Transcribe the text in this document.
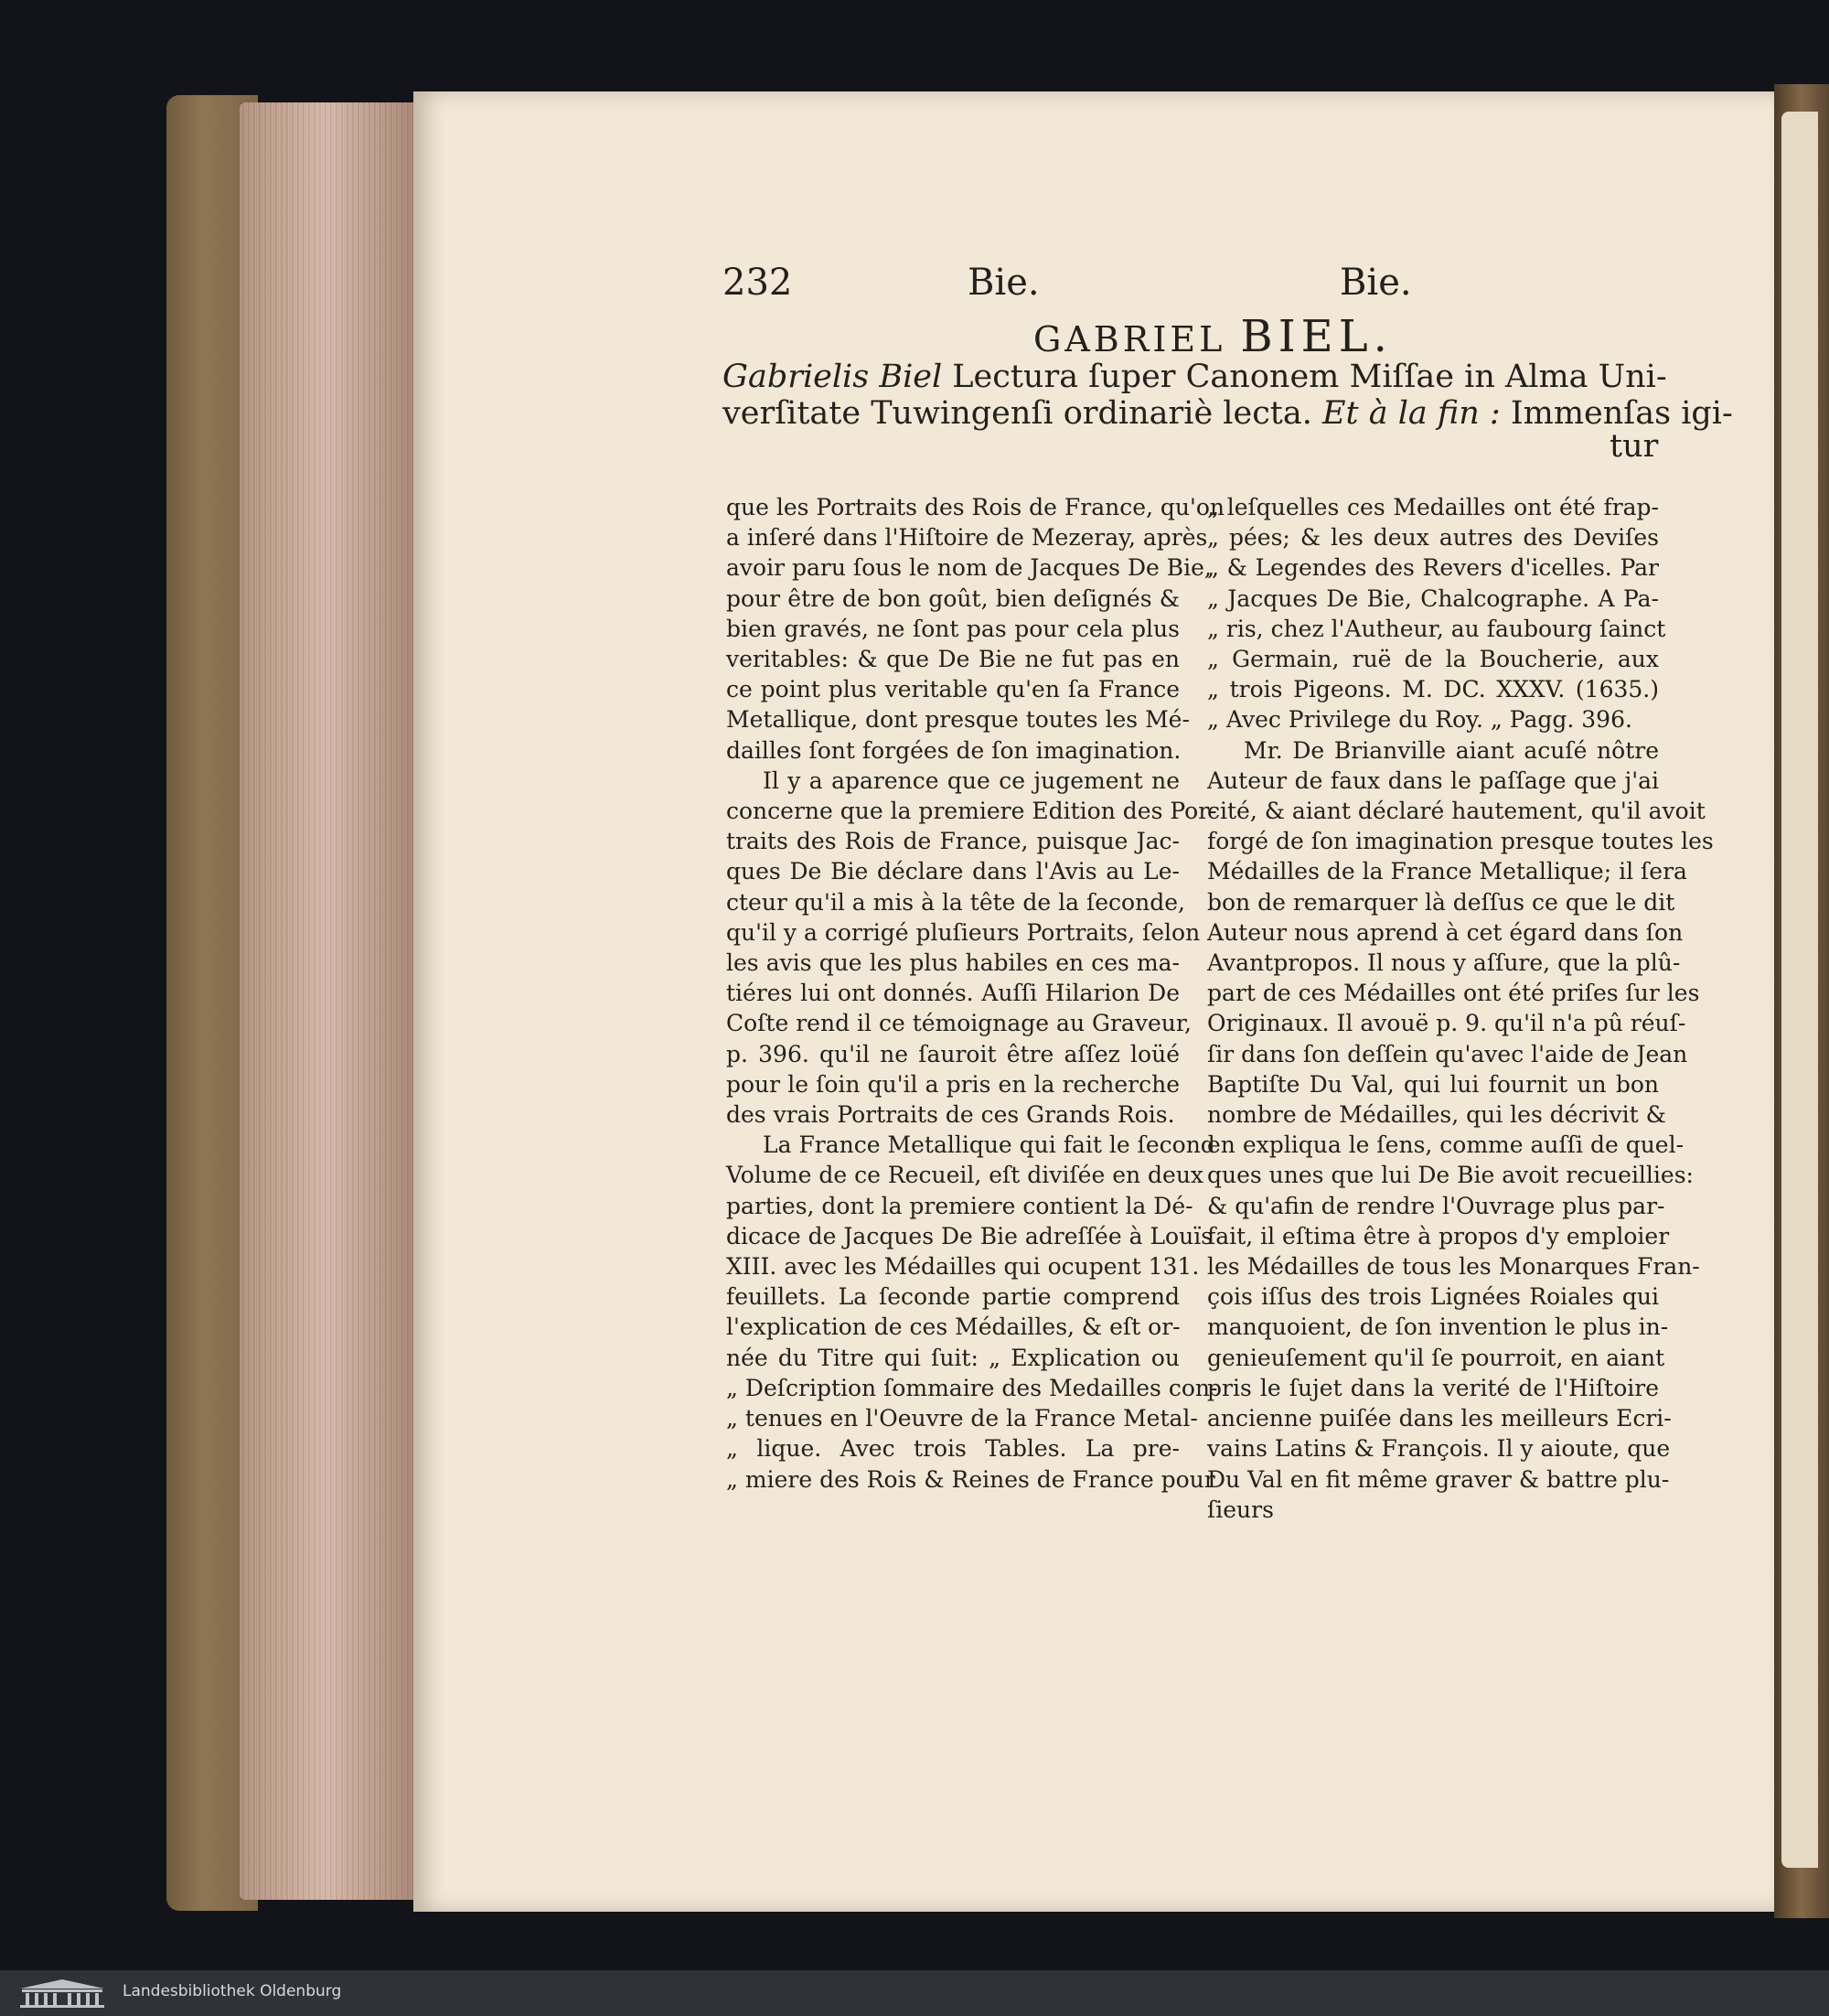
232	Bie.	Bie.
GABRIEL BIEL.
Gabrielis Biel Lectura ſuper Canonem Miſſae in Alma Uni-
verſitate Tuwingenſi ordinariè lecta. Et à la fin : Immenſas igi-
tur

que les Portraits des Rois de France, qu'on

a inſeré dans l'Hiſtoire de Mezeray, après

avoir paru ſous le nom de Jacques De Bie,

pour être de bon goût, bien deſignés &

bien gravés, ne ſont pas pour cela plus

veritables: & que De Bie ne fut pas en

ce point plus veritable qu'en ſa France

Metallique, dont presque toutes les Mé-

dailles ſont forgées de ſon imagination.

Il y a aparence que ce jugement ne

concerne que la premiere Edition des Por-

traits des Rois de France, puisque Jac-

ques De Bie déclare dans l'Avis au Le-

cteur qu'il a mis à la tête de la ſeconde,

qu'il y a corrigé pluſieurs Portraits, ſelon

les avis que les plus habiles en ces ma-

tiéres lui ont donnés. Auſſi Hilarion De

Coſte rend il ce témoignage au Graveur,

p. 396. qu'il ne ſauroit être aſſez loüé

pour le ſoin qu'il a pris en la recherche

des vrais Portraits de ces Grands Rois.

La France Metallique qui fait le ſecond

Volume de ce Recueil, eſt diviſée en deux

parties, dont la premiere contient la Dé-

dicace de Jacques De Bie adreſſée à Louïs

XIII. avec les Médailles qui ocupent 131.

feuillets. La ſeconde partie comprend

l'explication de ces Médailles, & eſt or-

née du Titre qui ſuit: „ Explication ou

„ Deſcription ſommaire des Medailles con-

„ tenues en l'Oeuvre de la France Metal-

„ lique. Avec trois Tables. La pre-

„ miere des Rois & Reines de France pour

„ leſquelles ces Medailles ont été frap-

„ pées; & les deux autres des Deviſes

„ & Legendes des Revers d'icelles. Par

„ Jacques De Bie, Chalcographe. A Pa-

„ ris, chez l'Autheur, au faubourg ſainct

„ Germain, ruë de la Boucherie, aux

„ trois Pigeons. M. DC. XXXV. (1635.)

„ Avec Privilege du Roy. „ Pagg. 396.

Mr. De Brianville aiant acuſé nôtre

Auteur de faux dans le paſſage que j'ai

cité, & aiant déclaré hautement, qu'il avoit

forgé de ſon imagination presque toutes les

Médailles de la France Metallique; il ſera

bon de remarquer là deſſus ce que le dit

Auteur nous aprend à cet égard dans ſon

Avantpropos. Il nous y aſſure, que la plû-

part de ces Médailles ont été priſes ſur les

Originaux. Il avouë p. 9. qu'il n'a pû réuſ-

ſir dans ſon deſſein qu'avec l'aide de Jean

Baptiſte Du Val, qui lui fournit un bon

nombre de Médailles, qui les décrivit &

en expliqua le ſens, comme auſſi de quel-

ques unes que lui De Bie avoit recueillies:

& qu'afin de rendre l'Ouvrage plus par-

fait, il eſtima être à propos d'y emploier

les Médailles de tous les Monarques Fran-

çois iſſus des trois Lignées Roiales qui

manquoient, de ſon invention le plus in-

genieuſement qu'il ſe pourroit, en aiant

pris le ſujet dans la verité de l'Hiſtoire

ancienne puiſée dans les meilleurs Ecri-

vains Latins & François. Il y aioute, que

Du Val en fit même graver & battre plu-

ſieurs

Landesbibliothek Oldenburg
